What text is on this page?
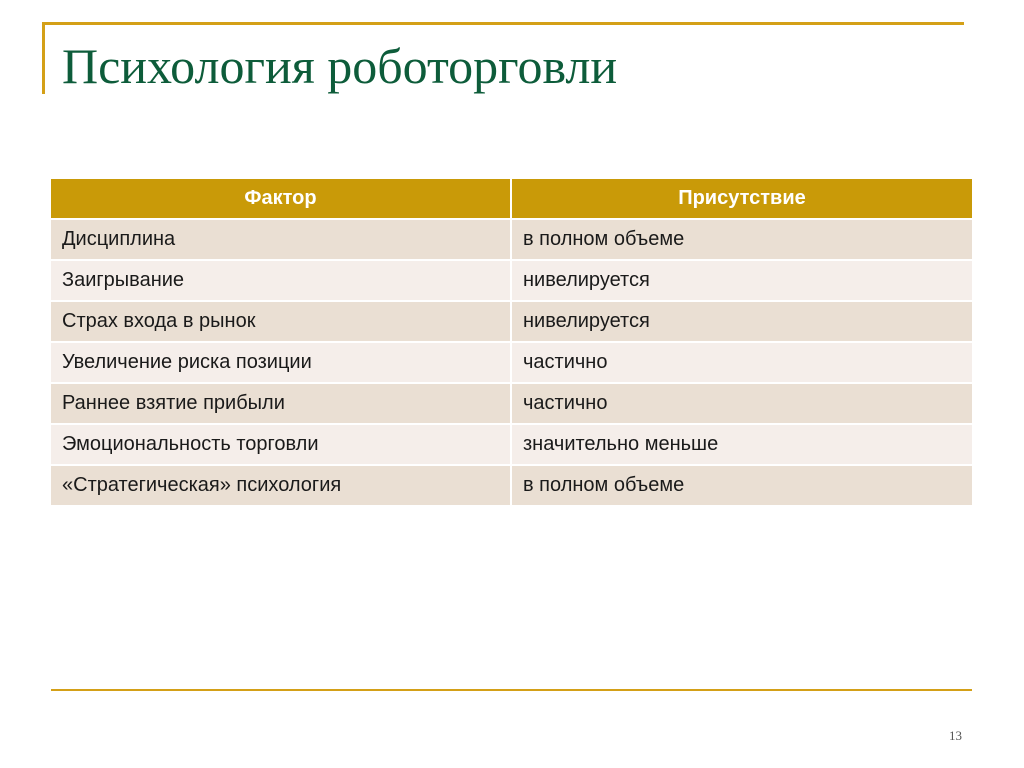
Психология роботорговли
Фактор	Присутствие
Дисциплина	в полном объеме
Заигрывание	нивелируется
Страх входа в рынок	нивелируется
Увеличение риска позиции	частично
Раннее взятие прибыли	частично
Эмоциональность торговли	значительно меньше
«Стратегическая» психология	в полном объеме
13
